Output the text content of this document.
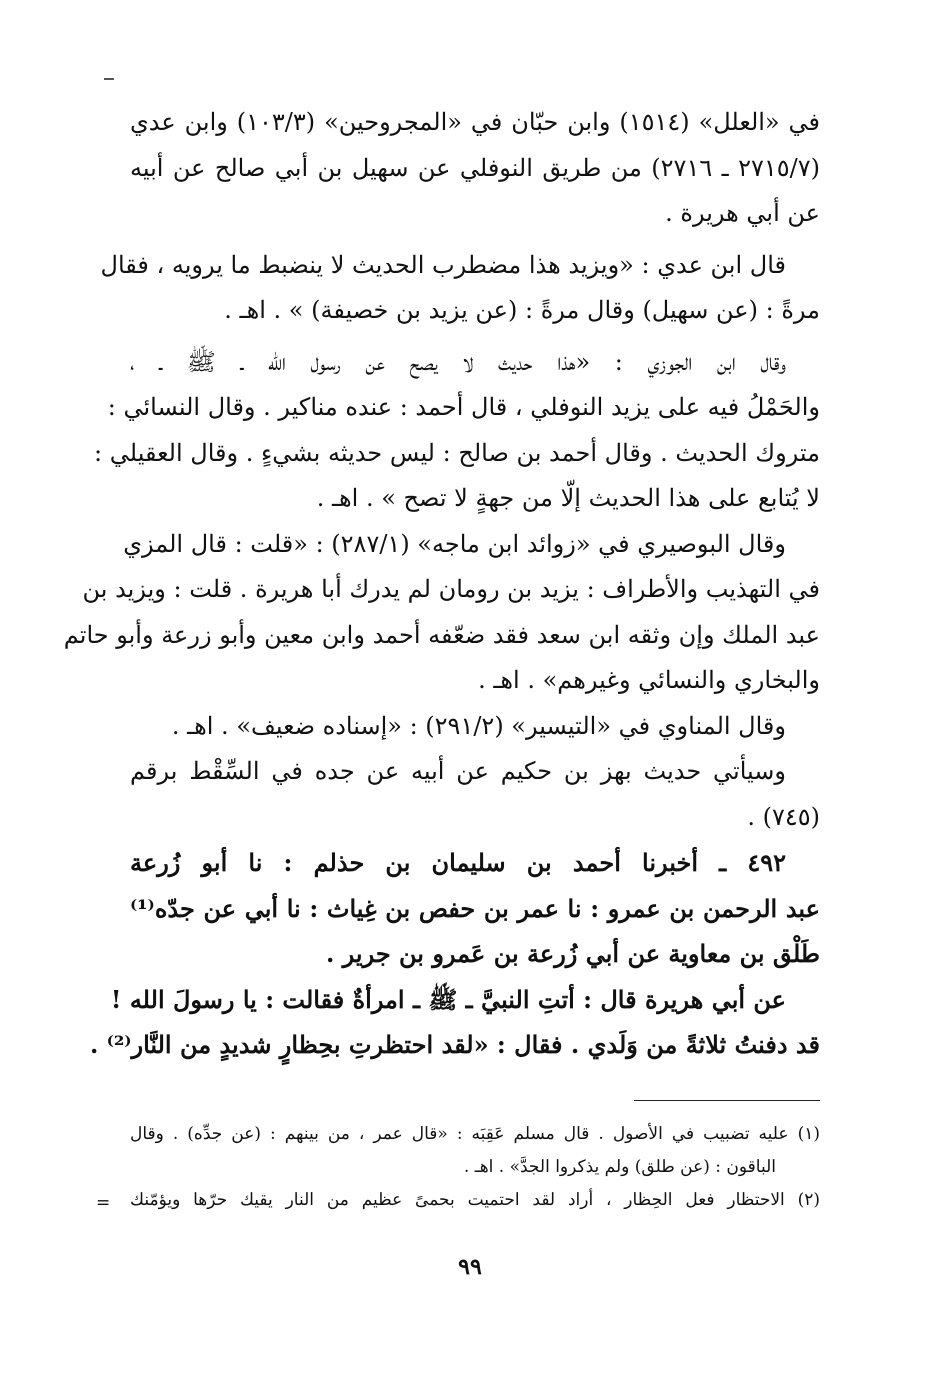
في «العلل» (١٥١٤) وابن حبّان في «المجروحين» (١٠٣/٣) وابن عدي
(٢٧١٥/٧ ـ ٢٧١٦) من طريق النوفلي عن سهيل بن أبي صالح عن أبيه
عن أبي هريرة .
قال ابن عدي : «ويزيد هذا مضطرب الحديث لا ينضبط ما يرويه ، فقال
مرةً : (عن سهيل) وقال مرةً : (عن يزيد بن خصيفة) » . اهـ .
وقال ابن الجوزي : «هذا حديث لا يصح عن رسول الله ـ ﷺ ـ ،
والحَمْلُ فيه على يزيد النوفلي ، قال أحمد : عنده مناكير . وقال النسائي :
متروك الحديث . وقال أحمد بن صالح : ليس حديثه بشيءٍ . وقال العقيلي :
لا يُتابع على هذا الحديث إلّا من جهةٍ لا تصح » . اهـ .
وقال البوصيري في «زوائد ابن ماجه» (٢٨٧/١) : «قلت : قال المزي
في التهذيب والأطراف : يزيد بن رومان لم يدرك أبا هريرة . قلت : ويزيد بن
عبد الملك وإن وثقه ابن سعد فقد ضعّفه أحمد وابن معين وأبو زرعة وأبو حاتم
والبخاري والنسائي وغيرهم» . اهـ .
وقال المناوي في «التيسير» (٢٩١/٢) : «إسناده ضعيف» . اهـ .
وسيأتي حديث بهز بن حكيم عن أبيه عن جده في السِّقْط برقم
(٧٤٥) .
٤٩٢ ـ أخبرنا أحمد بن سليمان بن حذلم : نا أبو زُرعة
عبد الرحمن بن عمرو : نا عمر بن حفص بن غِياث : نا أبي عن جدّه⁽¹⁾
طَلْق بن معاوية عن أبي زُرعة بن عَمرو بن جرير .
عن أبي هريرة قال : أتتِ النبيَّ ـ ﷺ ـ امرأةٌ فقالت : يا رسولَ الله !
قد دفنتُ ثلاثةً من وَلَدي . فقال : «لقد احتظرتِ بحِظارٍ شديدٍ من النَّار⁽²⁾ .
(١) عليه تضبيب في الأصول . قال مسلم عَقِبَه : «قال عمر ، من بينهم : (عن جدِّه) . وقال
الباقون : (عن طلق) ولم يذكروا الجدَّ» . اهـ .
(٢) الاحتظار فعل الحِظار ، أراد لقد احتميت بحمىً عظيم من النار يقيك حرّها ويؤمّنك
=
٩٩
